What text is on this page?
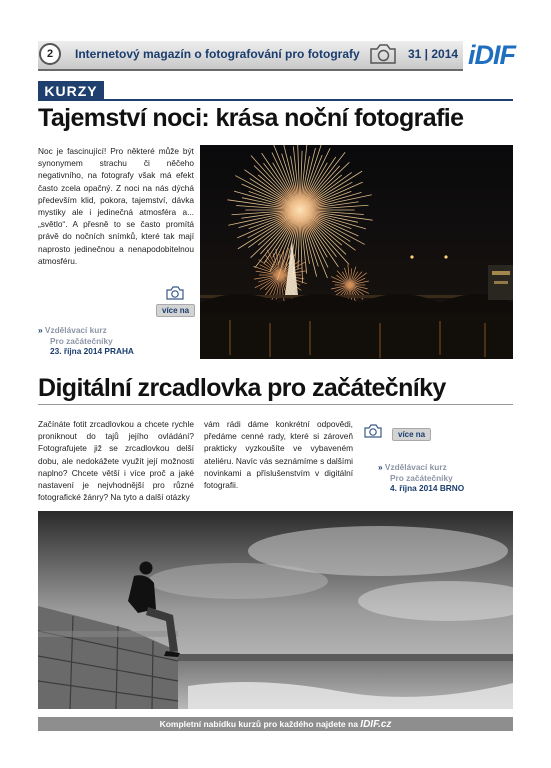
2	Internetový magazín o fotografování pro fotografy	31 | 2014 iDIF
KURZY
Tajemství noci: krása noční fotografie
Noc je fascinující! Pro některé může být synonymem strachu či něčeho negativního, na fotografy však má efekt často zcela opačný. Z noci na nás dýchá především klid, pokora, tajemství, dávka mystiky ale i jedinečná atmosféra a... „světlo“. A přesně to se často promítá právě do nočních snímků, které tak mají naprosto jedinečnou a nenapodobitelnou atmosféru.
více na
» Vzdělávací kurz
Pro začátečníky
23. října 2014 PRAHA
Digitální zrcadlovka pro začátečníky
Začínáte fotit zrcadlovkou a chcete rychle proniknout do tajů jejího ovládání? Fotografujete již se zrcadlovkou delší dobu, ale nedokážete využít její možnosti naplno? Chcete větší i více proč a jaké nastavení je nejvhodnější pro různé fotografické žánry? Na tyto a další otázky
vám rádi dáme konkrétní odpovědi, předáme cenné rady, které si zároveň prakticky vyzkoušíte ve vybaveném ateliéru. Navíc vás seznámíme s dalšími novinkami a příslušenstvím v digitální fotografii.
více na
» Vzdělávací kurz
Pro začátečníky
4. října 2014 BRNO
Kompletní nabídku kurzů pro každého najdete na IDIF.cz
